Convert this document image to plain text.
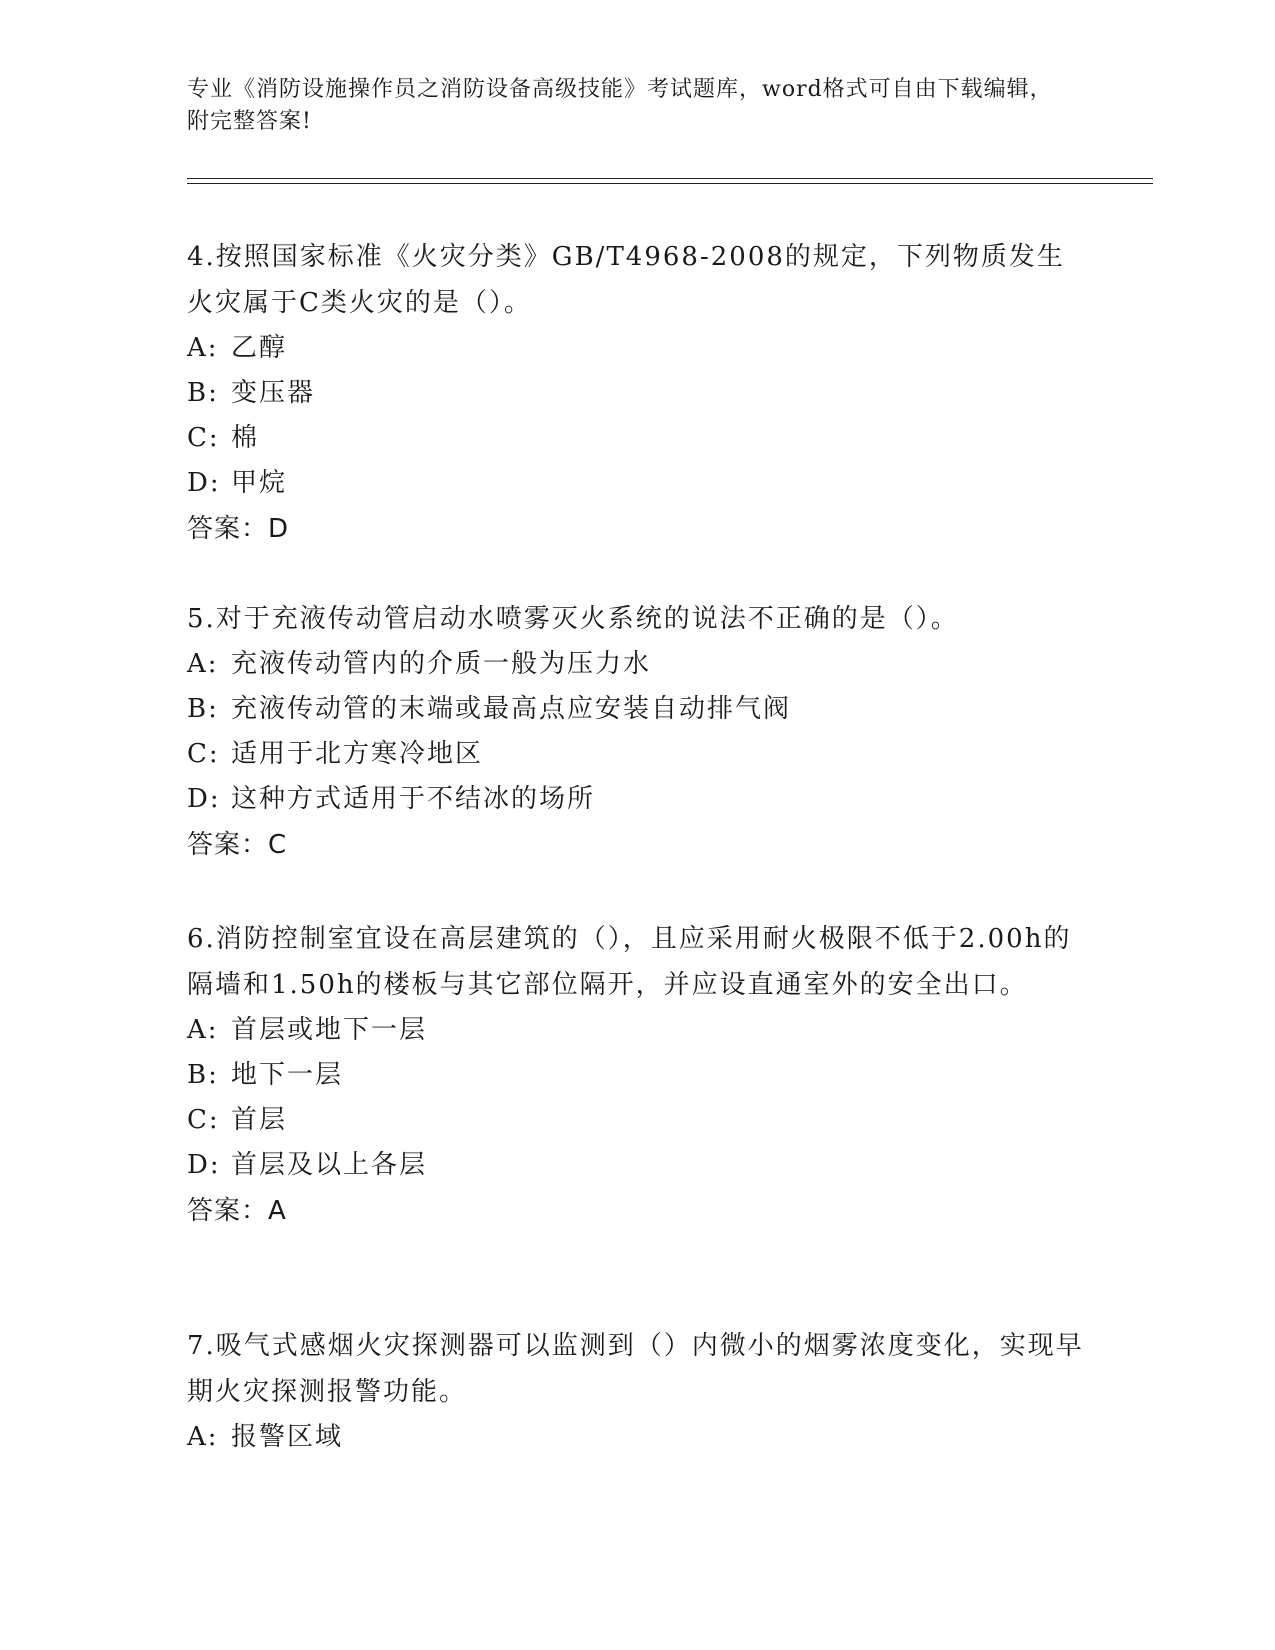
专业《消防设施操作员之消防设备高级技能》考试题库，word格式可自由下载编辑，附完整答案!

4.按照国家标准《火灾分类》GB/T4968-2008的规定，下列物质发生火灾属于C类火灾的是（）。

A: 乙醇

B: 变压器

C: 棉

D: 甲烷

答案：D

5.对于充液传动管启动水喷雾灭火系统的说法不正确的是（）。

A: 充液传动管内的介质一般为压力水

B: 充液传动管的末端或最高点应安装自动排气阀

C: 适用于北方寒冷地区

D: 这种方式适用于不结冰的场所

答案：C

6.消防控制室宜设在高层建筑的（），且应采用耐火极限不低于2.00h的隔墙和1.50h的楼板与其它部位隔开，并应设直通室外的安全出口。

A: 首层或地下一层

B: 地下一层

C: 首层

D: 首层及以上各层

答案：A

7.吸气式感烟火灾探测器可以监测到（）内微小的烟雾浓度变化，实现早期火灾探测报警功能。

A: 报警区域
